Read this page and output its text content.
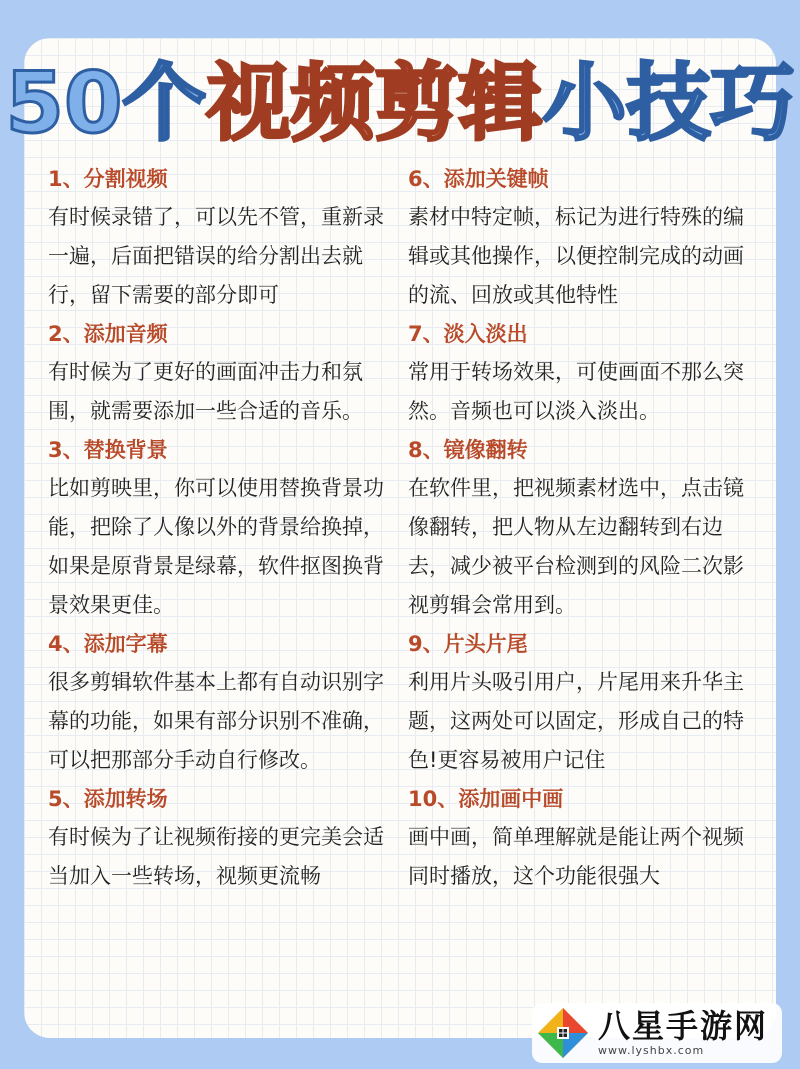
50个 视频剪辑 小技巧
1、分割视频
有时候录错了，可以先不管，重新录一遍，后面把错误的给分割出去就行，留下需要的部分即可
2、添加音频
有时候为了更好的画面冲击力和氛围，就需要添加一些合适的音乐。
3、替换背景
比如剪映里，你可以使用替换背景功能，把除了人像以外的背景给换掉，如果是原背景是绿幕，软件抠图换背景效果更佳。
4、添加字幕
很多剪辑软件基本上都有自动识别字幕的功能，如果有部分识别不准确，可以把那部分手动自行修改。
5、添加转场
有时候为了让视频衔接的更完美会适当加入一些转场，视频更流畅
6、添加关键帧
素材中特定帧，标记为进行特殊的编辑或其他操作，以便控制完成的动画的流、回放或其他特性
7、淡入淡出
常用于转场效果，可使画面不那么突然。音频也可以淡入淡出。
8、镜像翻转
在软件里，把视频素材选中，点击镜像翻转，把人物从左边翻转到右边去，减少被平台检测到的风险二次影视剪辑会常用到。
9、片头片尾
利用片头吸引用户，片尾用来升华主题，这两处可以固定，形成自己的特色!更容易被用户记住
10、添加画中画
画中画，简单理解就是能让两个视频同时播放，这个功能很强大
八星手游网
www.lyshbx.com
